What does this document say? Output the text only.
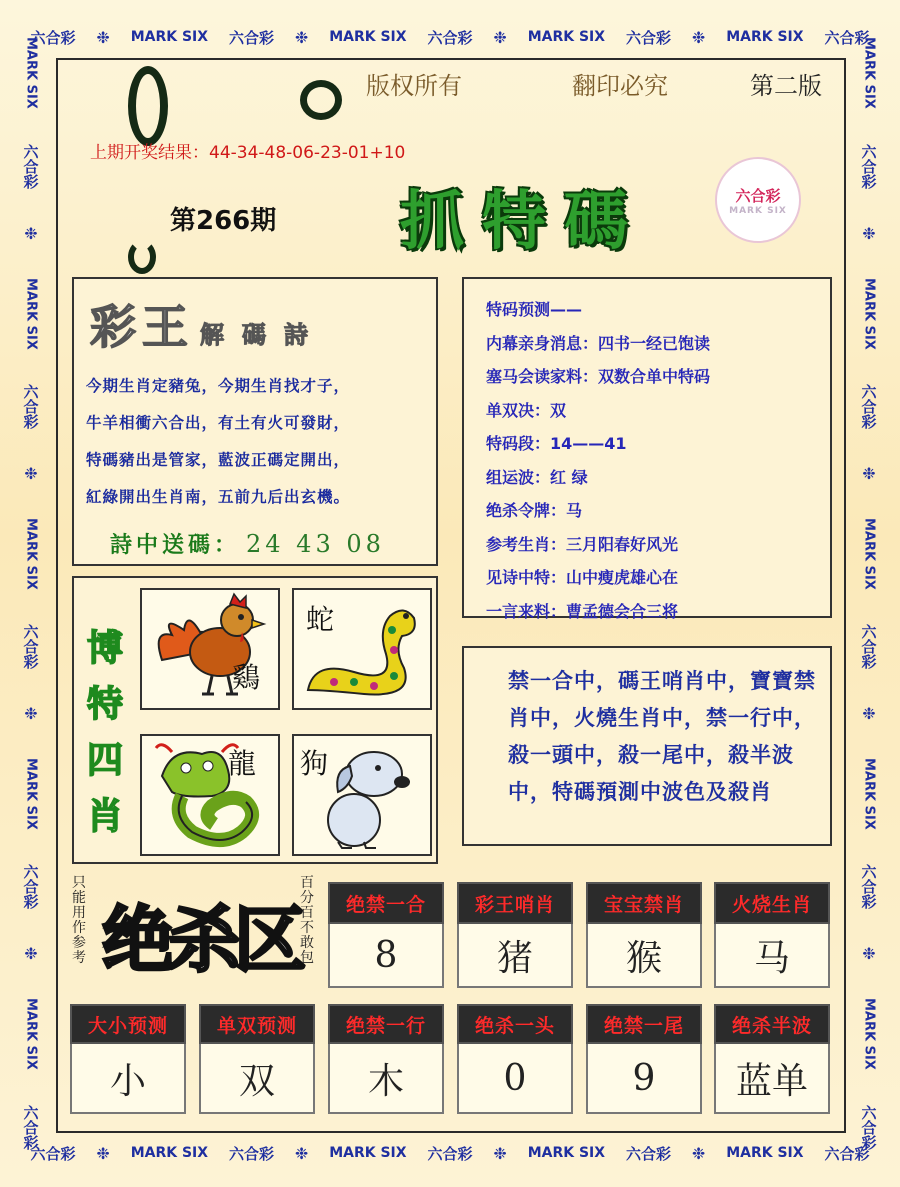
六合彩 ❉ MARK SIX 六合彩 ❉ MARK SIX 六合彩 ❉ MARK SIX 六合彩 ❉ MARK SIX 六合彩
六合彩 ❉ MARK SIX 六合彩 ❉ MARK SIX 六合彩 ❉ MARK SIX 六合彩 ❉ MARK SIX 六合彩
MARK SIX
六合彩
❉
MARK SIX
六合彩
❉
MARK SIX
六合彩
❉
MARK SIX
六合彩
❉
MARK SIX
六合彩
MARK SIX
六合彩
❉
MARK SIX
六合彩
❉
MARK SIX
六合彩
❉
MARK SIX
六合彩
❉
MARK SIX
六合彩
版权所有	翻印必究	第二版
上期开奖结果：44-34-48-06-23-01+10
第266期 抓特碼	六合彩
MARK SIX
彩王 解碼詩
今期生肖定豬兔，今期生肖找才子，
牛羊相衝六合出，有土有火可發財，
特碼豬出是管家，藍波正碼定開出，
紅綠開出生肖南，五前九后出玄機。
詩中送碼： 24 43 08
特码预测——
内幕亲身消息：四书一经已饱读
塞马会读家料：双数合单中特码
单双决：双
特码段：14——41
组运波：红 绿
绝杀令牌：马
参考生肖：三月阳春好风光
见诗中特：山中瘦虎雄心在
一言来料：曹孟德会合三将
博
特
四
肖
鷄
蛇
龍 狗

禁一合中，碼王哨肖中，寶寶禁肖中，火燒生肖中，禁一行中，殺一頭中，殺一尾中，殺半波中，特碼預測中波色及殺肖

只能用作参考 绝杀区
百分百不敢包
绝禁一合
8
彩王哨肖
猪
宝宝禁肖
猴
火烧生肖
马
大小预测
小
单双预测
双
绝禁一行
木
绝杀一头
0
绝禁一尾
9
绝杀半波
蓝单
